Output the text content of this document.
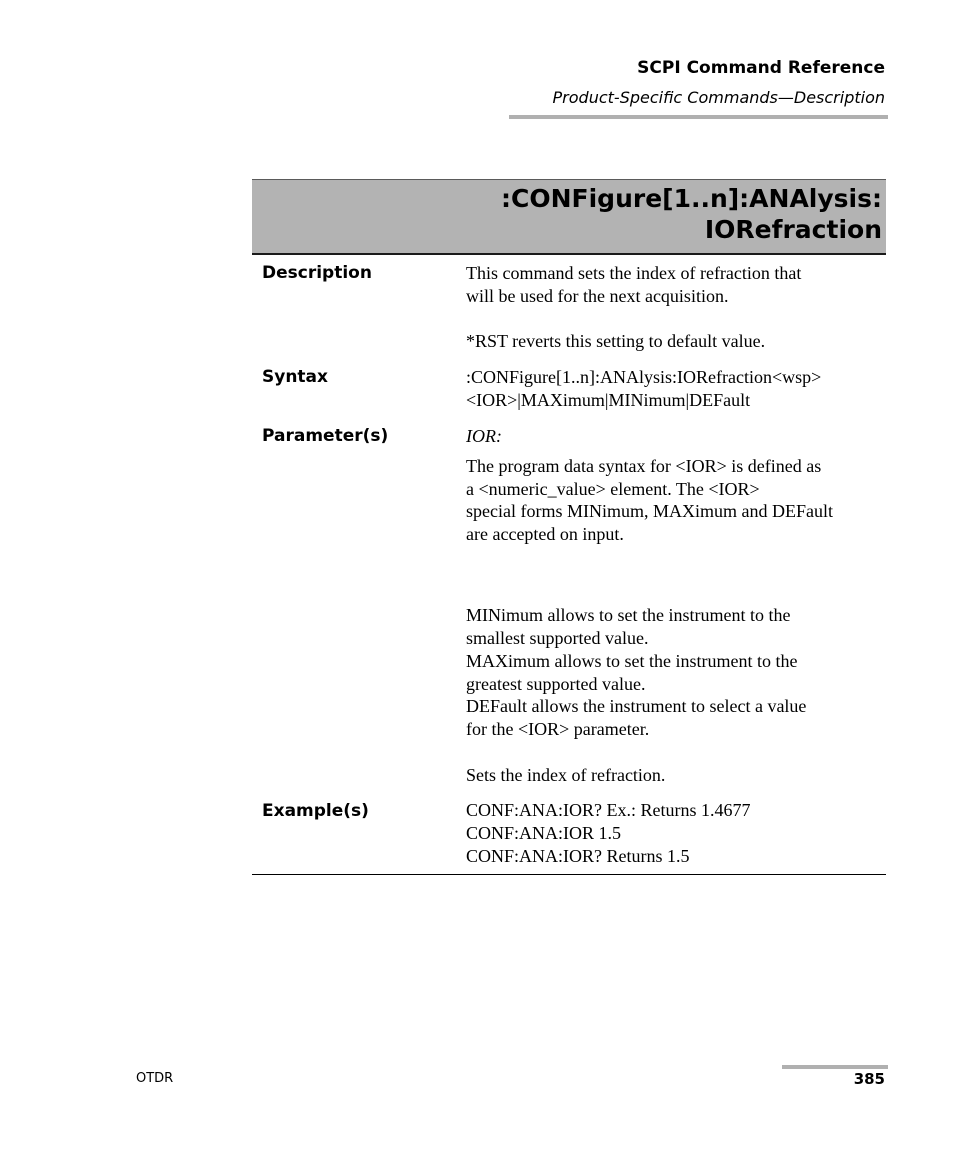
SCPI Command Reference
Product-Specific Commands—Description
:CONFigure[1..n]:ANAlysis:
IORefraction
Description	This command sets the index of refraction that
will be used for the next acquisition.
*RST reverts this setting to default value.
Syntax	:CONFigure[1..n]:ANAlysis:IORefraction<wsp>
<IOR>|MAXimum|MINimum|DEFault
Parameter(s)	IOR:
The program data syntax for <IOR> is defined as
a <numeric_value> element. The <IOR>
special forms MINimum, MAXimum and DEFault
are accepted on input.
MINimum allows to set the instrument to the
smallest supported value.
MAXimum allows to set the instrument to the
greatest supported value.
DEFault allows the instrument to select a value
for the <IOR> parameter.
Sets the index of refraction.
Example(s)	CONF:ANA:IOR? Ex.: Returns 1.4677
CONF:ANA:IOR 1.5
CONF:ANA:IOR? Returns 1.5
OTDR	385
